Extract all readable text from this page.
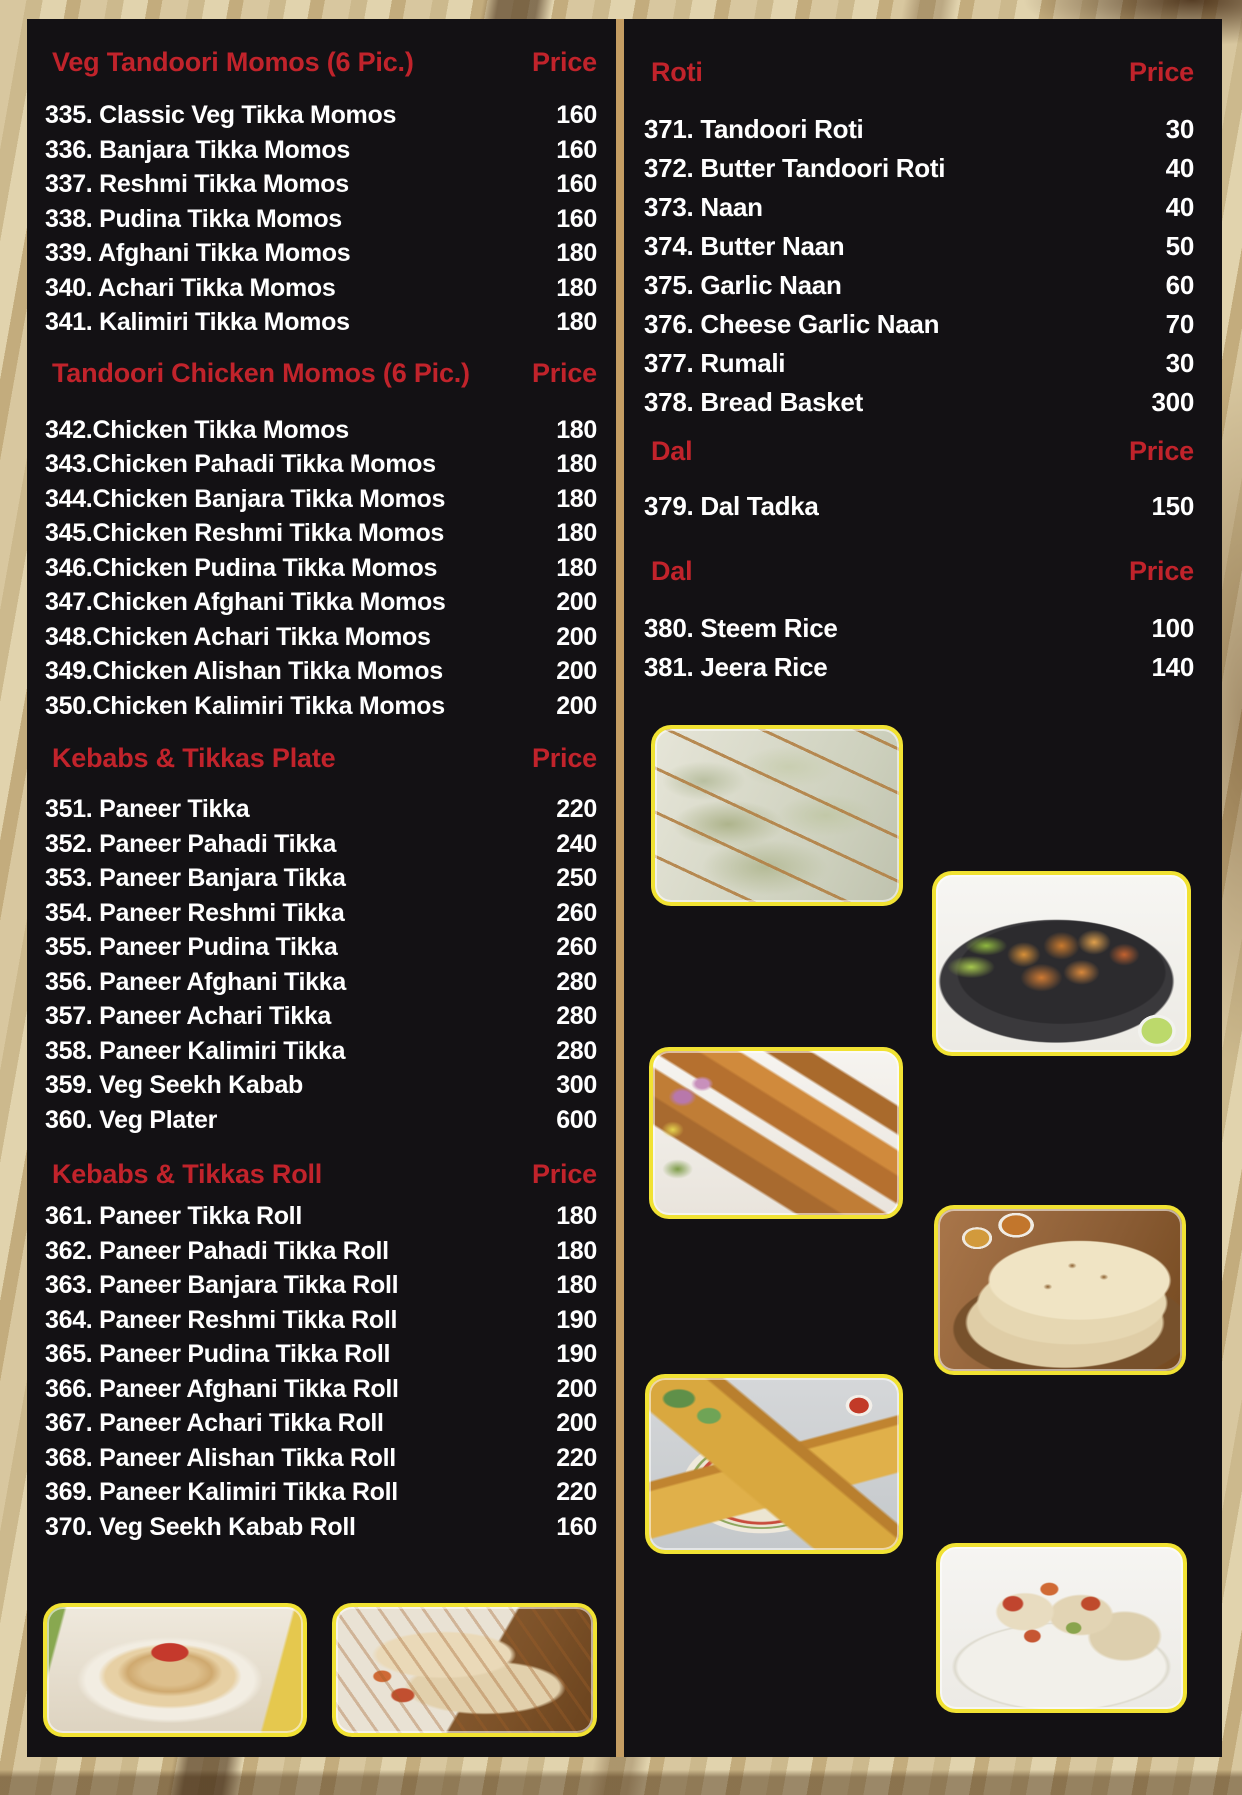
Veg Tandoori Momos (6 Pic.)	Price
335. Classic Veg Tikka Momos	160
336. Banjara Tikka Momos	160
337. Reshmi Tikka Momos	160
338. Pudina Tikka Momos	160
339. Afghani Tikka Momos	180
340. Achari Tikka Momos	180
341. Kalimiri Tikka Momos	180
Tandoori Chicken Momos (6 Pic.) Price
342.Chicken Tikka Momos	180
343.Chicken Pahadi Tikka Momos	180
344.Chicken Banjara Tikka Momos	180
345.Chicken Reshmi Tikka Momos	180
346.Chicken Pudina Tikka Momos	180
347.Chicken Afghani Tikka Momos	200
348.Chicken Achari Tikka Momos	200
349.Chicken Alishan Tikka Momos	200
350.Chicken Kalimiri Tikka Momos	200
Kebabs & Tikkas Plate	Price
351. Paneer Tikka	220
352. Paneer Pahadi Tikka	240
353. Paneer Banjara Tikka	250
354. Paneer Reshmi Tikka	260
355. Paneer Pudina Tikka	260
356. Paneer Afghani Tikka	280
357. Paneer Achari Tikka	280
358. Paneer Kalimiri Tikka	280
359. Veg Seekh Kabab	300
360. Veg Plater	600
Kebabs & Tikkas Roll	Price
361. Paneer Tikka Roll	180
362. Paneer Pahadi Tikka Roll	180
363. Paneer Banjara Tikka Roll	180
364. Paneer Reshmi Tikka Roll	190
365. Paneer Pudina Tikka Roll	190
366. Paneer Afghani Tikka Roll	200
367. Paneer Achari Tikka Roll	200
368. Paneer Alishan Tikka Roll	220
369. Paneer Kalimiri Tikka Roll	220
370. Veg Seekh Kabab Roll	160
Roti	Price
371. Tandoori Roti	30
372. Butter Tandoori Roti	40
373. Naan	40
374. Butter Naan	50
375. Garlic Naan	60
376. Cheese Garlic Naan	70
377. Rumali	30
378. Bread Basket	300
Dal	Price
379. Dal Tadka	150
Dal	Price
380. Steem Rice	100
381. Jeera Rice	140
